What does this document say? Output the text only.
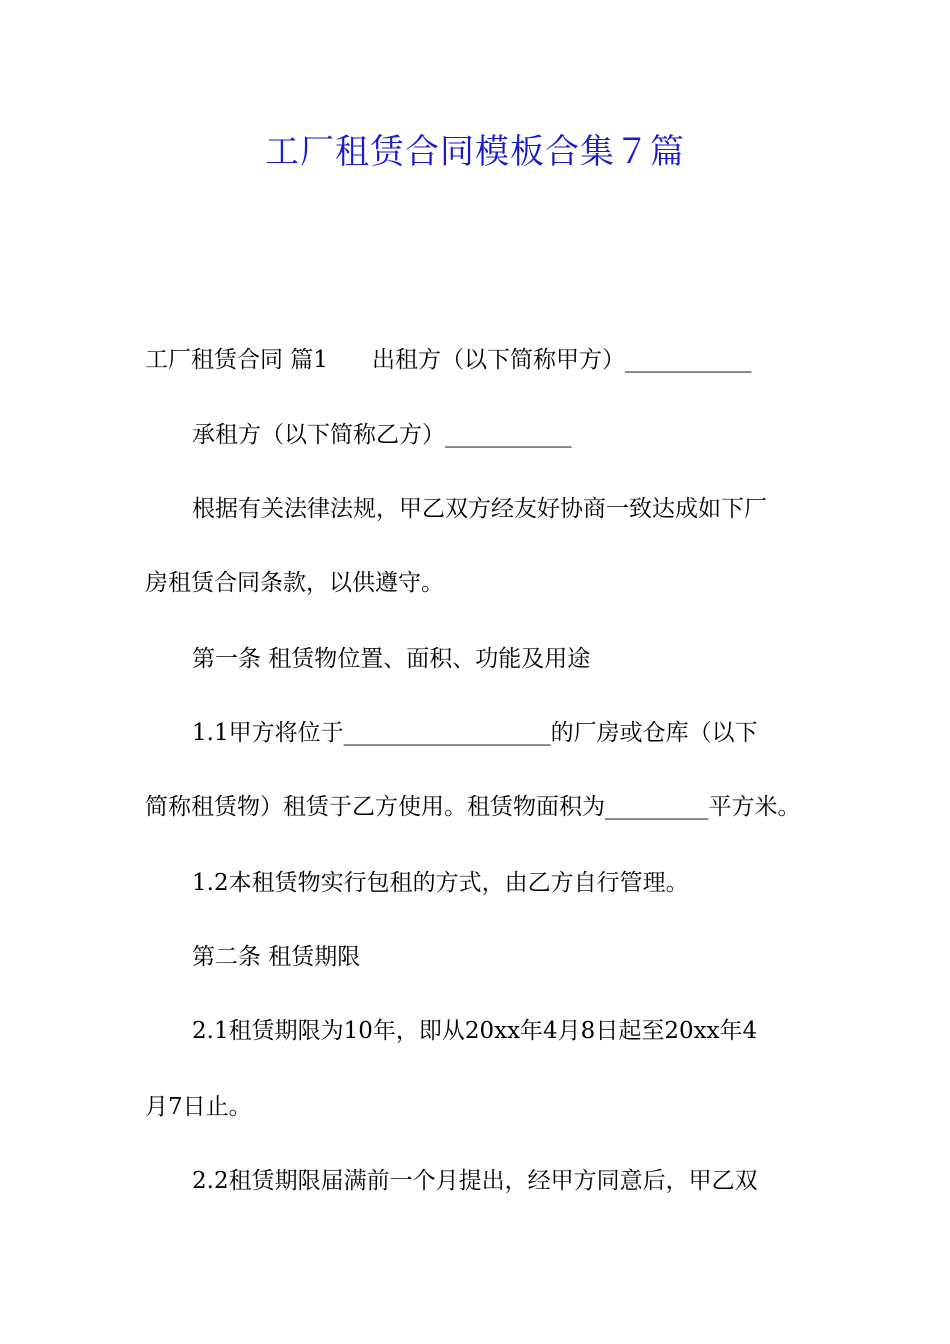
工厂租赁合同模板合集７篇
工厂租赁合同 篇1 出租方（以下简称甲方）___________
承租方（以下简称乙方）___________
根据有关法律法规，甲乙双方经友好协商一致达成如下厂
房租赁合同条款，以供遵守。
第一条 租赁物位置、面积、功能及用途
1.1甲方将位于__________________的厂房或仓库（以下
简称租赁物）租赁于乙方使用。租赁物面积为_________平方米。
1.2本租赁物实行包租的方式，由乙方自行管理。
第二条 租赁期限
2.1租赁期限为10年，即从20xx年4月8日起至20xx年4
月7日止。
2.2租赁期限届满前一个月提出，经甲方同意后，甲乙双
